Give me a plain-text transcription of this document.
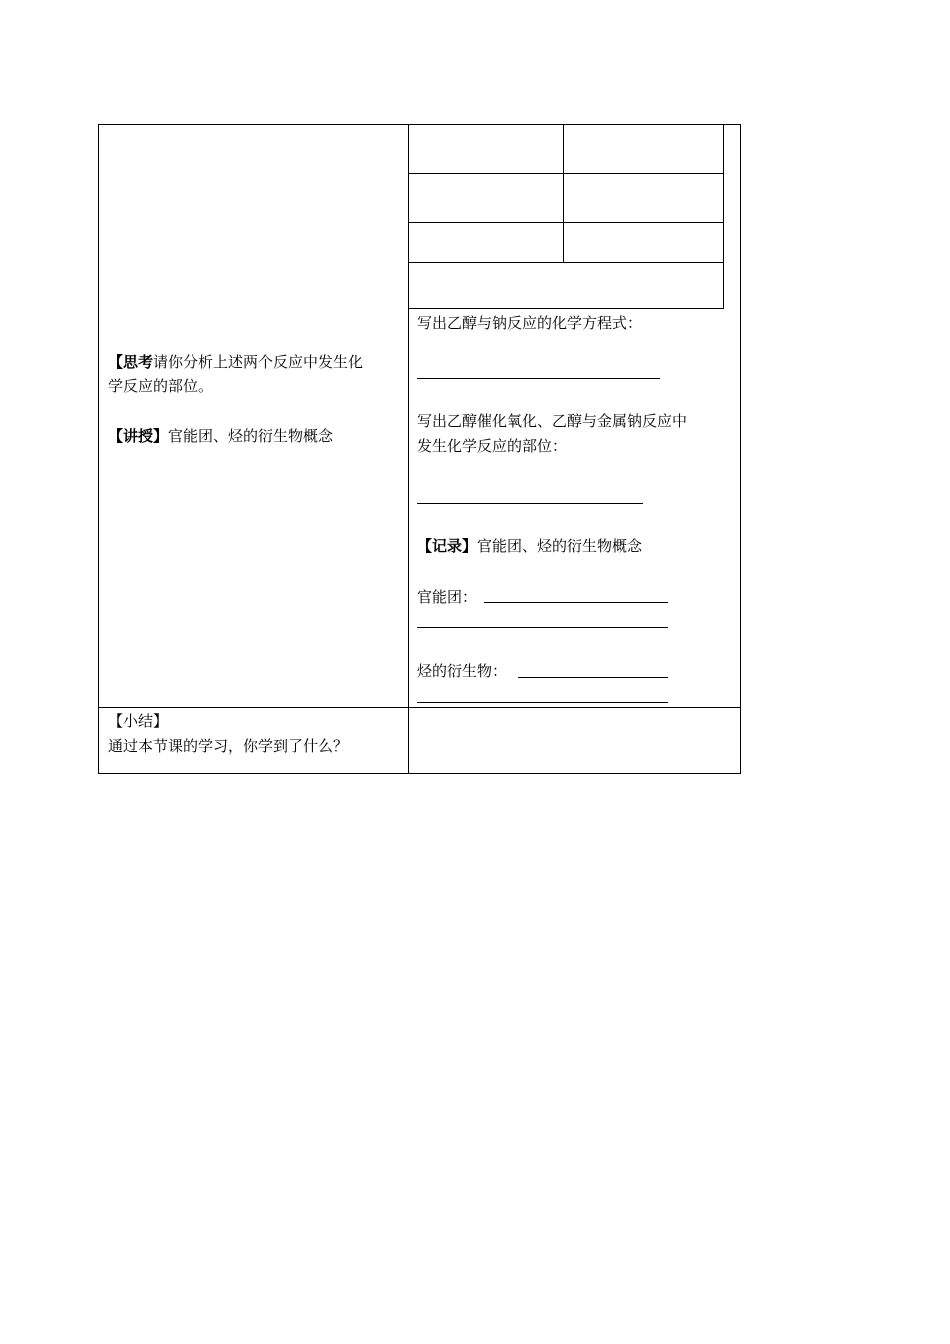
【思考请你分析上述两个反应中发生化
学反应的部位。
【讲授】官能团、烃的衍生物概念
写出乙醇与钠反应的化学方程式：
写出乙醇催化氧化、乙醇与金属钠反应中
发生化学反应的部位：
【记录】官能团、烃的衍生物概念
官能团：
烃的衍生物：
【小结】
通过本节课的学习，你学到了什么？
